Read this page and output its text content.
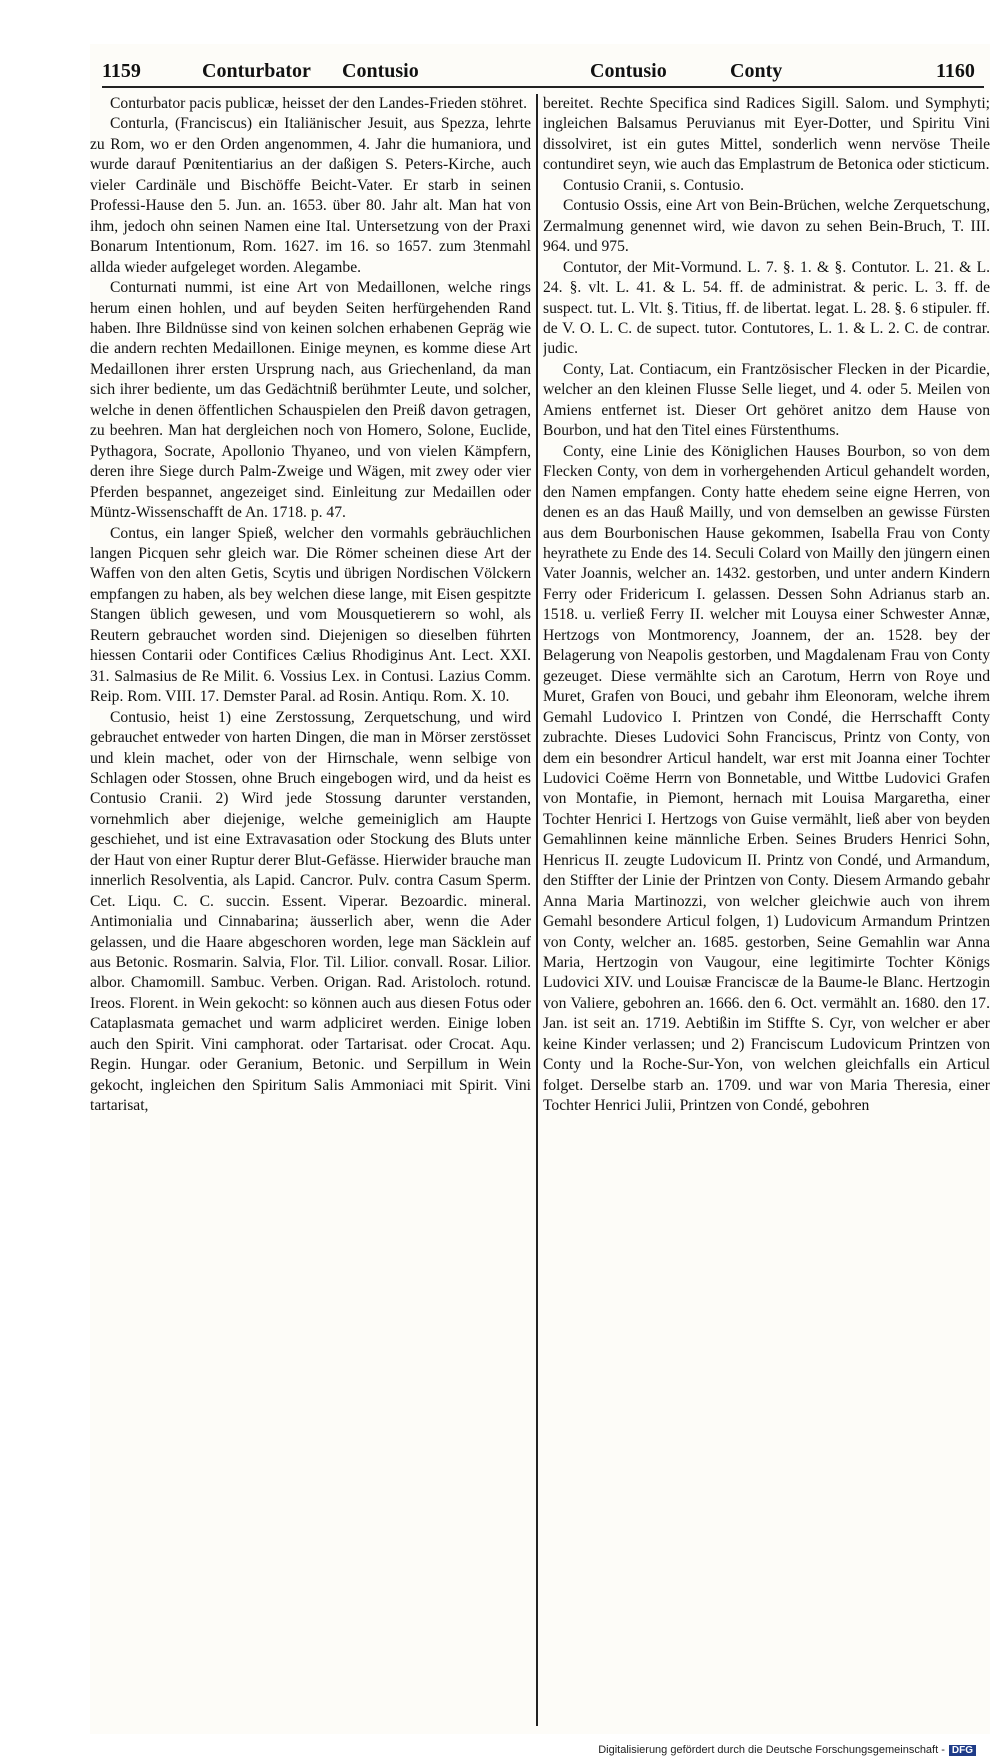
1159	Conturbator Contusio	Contusio	Conty	1160

Conturbator pacis publicæ, heisset der den Landes-Frieden stöhret.

Conturla, (Franciscus) ein Italiänischer Jesuit, aus Spezza, lehrte zu Rom, wo er den Orden angenommen, 4. Jahr die humaniora, und wurde darauf Pœnitentiarius an der daßigen S. Peters-Kirche, auch vieler Cardinäle und Bischöffe Beicht-Vater. Er starb in seinen Professi-Hause den 5. Jun. an. 1653. über 80. Jahr alt. Man hat von ihm, jedoch ohn seinen Namen eine Ital. Untersetzung von der Praxi Bonarum Intentionum, Rom. 1627. im 16. so 1657. zum 3tenmahl allda wieder aufgeleget worden. Alegambe.

Conturnati nummi, ist eine Art von Medaillonen, welche rings herum einen hohlen, und auf beyden Seiten herfürgehenden Rand haben. Ihre Bildnüsse sind von keinen solchen erhabenen Gepräg wie die andern rechten Medaillonen. Einige meynen, es komme diese Art Medaillonen ihrer ersten Ursprung nach, aus Griechenland, da man sich ihrer bediente, um das Gedächtniß berühmter Leute, und solcher, welche in denen öffentlichen Schauspielen den Preiß davon getragen, zu beehren. Man hat dergleichen noch von Homero, Solone, Euclide, Pythagora, Socrate, Apollonio Thyaneo, und von vielen Kämpfern, deren ihre Siege durch Palm-Zweige und Wägen, mit zwey oder vier Pferden bespannet, angezeiget sind. Einleitung zur Medaillen oder Müntz-Wissenschafft de An. 1718. p. 47.

Contus, ein langer Spieß, welcher den vormahls gebräuchlichen langen Picquen sehr gleich war. Die Römer scheinen diese Art der Waffen von den alten Getis, Scytis und übrigen Nordischen Völckern empfangen zu haben, als bey welchen diese lange, mit Eisen gespitzte Stangen üblich gewesen, und vom Mousquetierern so wohl, als Reutern gebrauchet worden sind. Diejenigen so dieselben führten hiessen Contarii oder Contifices Cælius Rhodiginus Ant. Lect. XXI. 31. Salmasius de Re Milit. 6. Vossius Lex. in Contusi. Lazius Comm. Reip. Rom. VIII. 17. Demster Paral. ad Rosin. Antiqu. Rom. X. 10.

Contusio, heist 1) eine Zerstossung, Zerquetschung, und wird gebrauchet entweder von harten Dingen, die man in Mörser zerstösset und klein machet, oder von der Hirnschale, wenn selbige von Schlagen oder Stossen, ohne Bruch eingebogen wird, und da heist es Contusio Cranii. 2) Wird jede Stossung darunter verstanden, vornehmlich aber diejenige, welche gemeiniglich am Haupte geschiehet, und ist eine Extravasation oder Stockung des Bluts unter der Haut von einer Ruptur derer Blut-Gefässe. Hierwider brauche man innerlich Resolventia, als Lapid. Cancror. Pulv. contra Casum Sperm. Cet. Liqu. C. C. succin. Essent. Viperar. Bezoardic. mineral. Antimonialia und Cinnabarina; äusserlich aber, wenn die Ader gelassen, und die Haare abgeschoren worden, lege man Säcklein auf aus Betonic. Rosmarin. Salvia, Flor. Til. Lilior. convall. Rosar. Lilior. albor. Chamomill. Sambuc. Verben. Origan. Rad. Aristoloch. rotund. Ireos. Florent. in Wein gekocht: so können auch aus diesen Fotus oder Cataplasmata gemachet und warm adpliciret werden. Einige loben auch den Spirit. Vini camphorat. oder Tartarisat. oder Crocat. Aqu. Regin. Hungar. oder Geranium, Betonic. und Serpillum in Wein gekocht, ingleichen den Spiritum Salis Ammoniaci mit Spirit. Vini tartarisat,

bereitet. Rechte Specifica sind Radices Sigill. Salom. und Symphyti; ingleichen Balsamus Peruvianus mit Eyer-Dotter, und Spiritu Vini dissolviret, ist ein gutes Mittel, sonderlich wenn nervöse Theile contundiret seyn, wie auch das Emplastrum de Betonica oder sticticum.

Contusio Cranii, s. Contusio.

Contusio Ossis, eine Art von Bein-Brüchen, welche Zerquetschung, Zermalmung genennet wird, wie davon zu sehen Bein-Bruch, T. III. 964. und 975.

Contutor, der Mit-Vormund. L. 7. §. 1. & §. Contutor. L. 21. & L. 24. §. vlt. L. 41. & L. 54. ff. de administrat. & peric. L. 3. ff. de suspect. tut. L. Vlt. §. Titius, ff. de libertat. legat. L. 28. §. 6 stipuler. ff. de V. O. L. C. de supect. tutor. Contutores, L. 1. & L. 2. C. de contrar. judic.

Conty, Lat. Contiacum, ein Frantzösischer Flecken in der Picardie, welcher an den kleinen Flusse Selle lieget, und 4. oder 5. Meilen von Amiens entfernet ist. Dieser Ort gehöret anitzo dem Hause von Bourbon, und hat den Titel eines Fürstenthums.

Conty, eine Linie des Königlichen Hauses Bourbon, so von dem Flecken Conty, von dem in vorhergehenden Articul gehandelt worden, den Namen empfangen. Conty hatte ehedem seine eigne Herren, von denen es an das Hauß Mailly, und von demselben an gewisse Fürsten aus dem Bourbonischen Hause gekommen, Isabella Frau von Conty heyrathete zu Ende des 14. Seculi Colard von Mailly den jüngern einen Vater Joannis, welcher an. 1432. gestorben, und unter andern Kindern Ferry oder Fridericum I. gelassen. Dessen Sohn Adrianus starb an. 1518. u. verließ Ferry II. welcher mit Louysa einer Schwester Annæ, Hertzogs von Montmorency, Joannem, der an. 1528. bey der Belagerung von Neapolis gestorben, und Magdalenam Frau von Conty gezeuget. Diese vermählte sich an Carotum, Herrn von Roye und Muret, Grafen von Bouci, und gebahr ihm Eleonoram, welche ihrem Gemahl Ludovico I. Printzen von Condé, die Herrschafft Conty zubrachte. Dieses Ludovici Sohn Franciscus, Printz von Conty, von dem ein besondrer Articul handelt, war erst mit Joanna einer Tochter Ludovici Coëme Herrn von Bonnetable, und Wittbe Ludovici Grafen von Montafie, in Piemont, hernach mit Louisa Margaretha, einer Tochter Henrici I. Hertzogs von Guise vermählt, ließ aber von beyden Gemahlinnen keine männliche Erben. Seines Bruders Henrici Sohn, Henricus II. zeugte Ludovicum II. Printz von Condé, und Armandum, den Stiffter der Linie der Printzen von Conty. Diesem Armando gebahr Anna Maria Martinozzi, von welcher gleichwie auch von ihrem Gemahl besondere Articul folgen, 1) Ludovicum Armandum Printzen von Conty, welcher an. 1685. gestorben, Seine Gemahlin war Anna Maria, Hertzogin von Vaugour, eine legitimirte Tochter Königs Ludovici XIV. und Louisæ Franciscæ de la Baume-le Blanc. Hertzogin von Valiere, gebohren an. 1666. den 6. Oct. vermählt an. 1680. den 17. Jan. ist seit an. 1719. Aebtißin im Stiffte S. Cyr, von welcher er aber keine Kinder verlassen; und 2) Franciscum Ludovicum Printzen von Conty und la Roche-Sur-Yon, von welchen gleichfalls ein Articul folget. Derselbe starb an. 1709. und war von Maria Theresia, einer Tochter Henrici Julii, Printzen von Condé, gebohren

Digitalisierung gefördert durch die Deutsche Forschungsgemeinschaft - DFG
